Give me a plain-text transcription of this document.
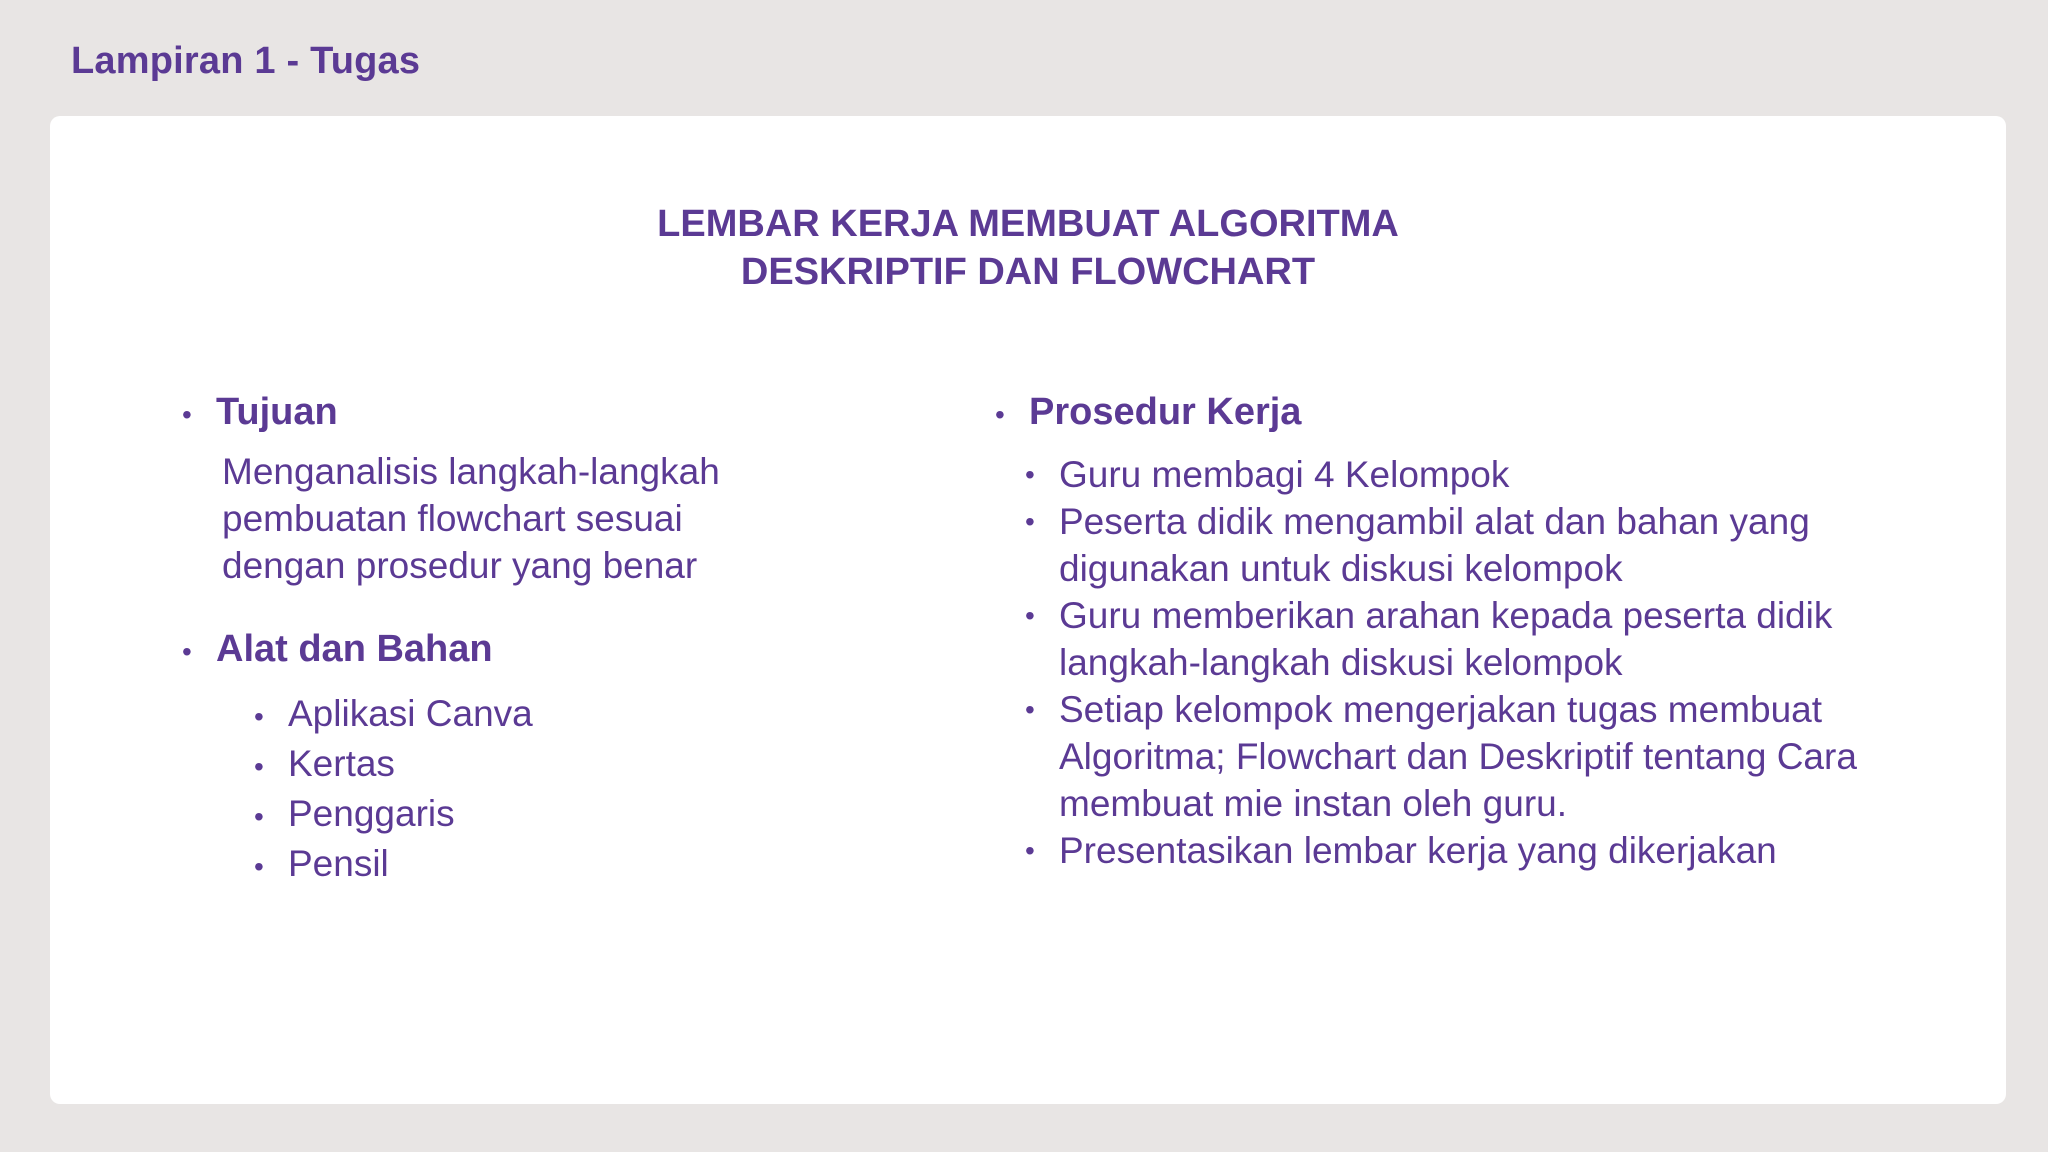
Lampiran 1 - Tugas
LEMBAR KERJA MEMBUAT ALGORITMA
DESKRIPTIF DAN FLOWCHART
• Tujuan
Menganalisis langkah-langkah pembuatan flowchart sesuai dengan prosedur yang benar
• Alat dan Bahan
• Aplikasi Canva
• Kertas
• Penggaris
• Pensil
• Prosedur Kerja
• Guru membagi 4 Kelompok
• Peserta didik mengambil alat dan bahan yang digunakan untuk diskusi kelompok
• Guru memberikan arahan kepada peserta didik langkah-langkah diskusi kelompok
• Setiap kelompok mengerjakan tugas membuat Algoritma; Flowchart dan Deskriptif tentang Cara membuat mie instan oleh guru.
• Presentasikan lembar kerja yang dikerjakan
